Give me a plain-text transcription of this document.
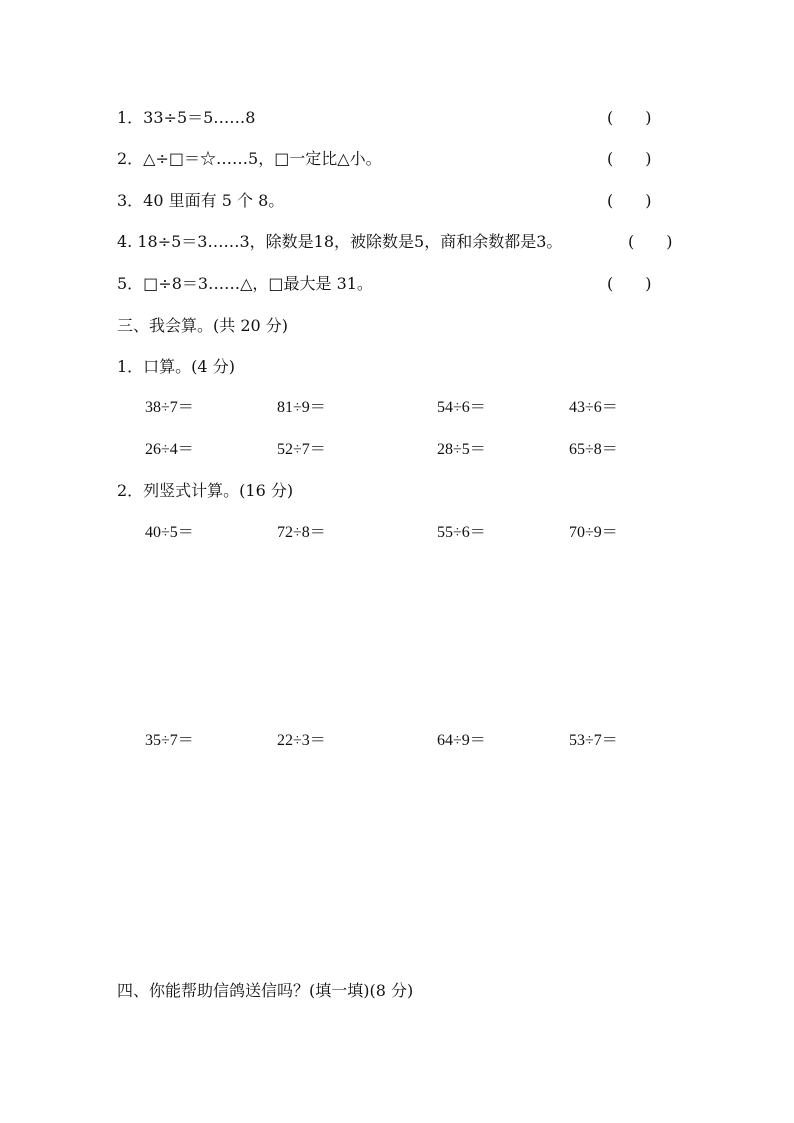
1．33÷5＝5……8	(　　)
2．△÷□＝☆……5，□一定比△小。	(　　)
3．40 里面有 5 个 8。	(　　)
4. 18÷5＝3……3，除数是18，被除数是5，商和余数都是3。	(　　)
5．□÷8＝3……△，□最大是 31。	(　　)
三、我会算。(共 20 分)
1．口算。(4 分)
38÷7＝	81÷9＝	54÷6＝	43÷6＝
26÷4＝	52÷7＝	28÷5＝	65÷8＝
2．列竖式计算。(16 分)
40÷5＝	72÷8＝	55÷6＝	70÷9＝
35÷7＝	22÷3＝	64÷9＝	53÷7＝
四、你能帮助信鸽送信吗？(填一填)(8 分)
